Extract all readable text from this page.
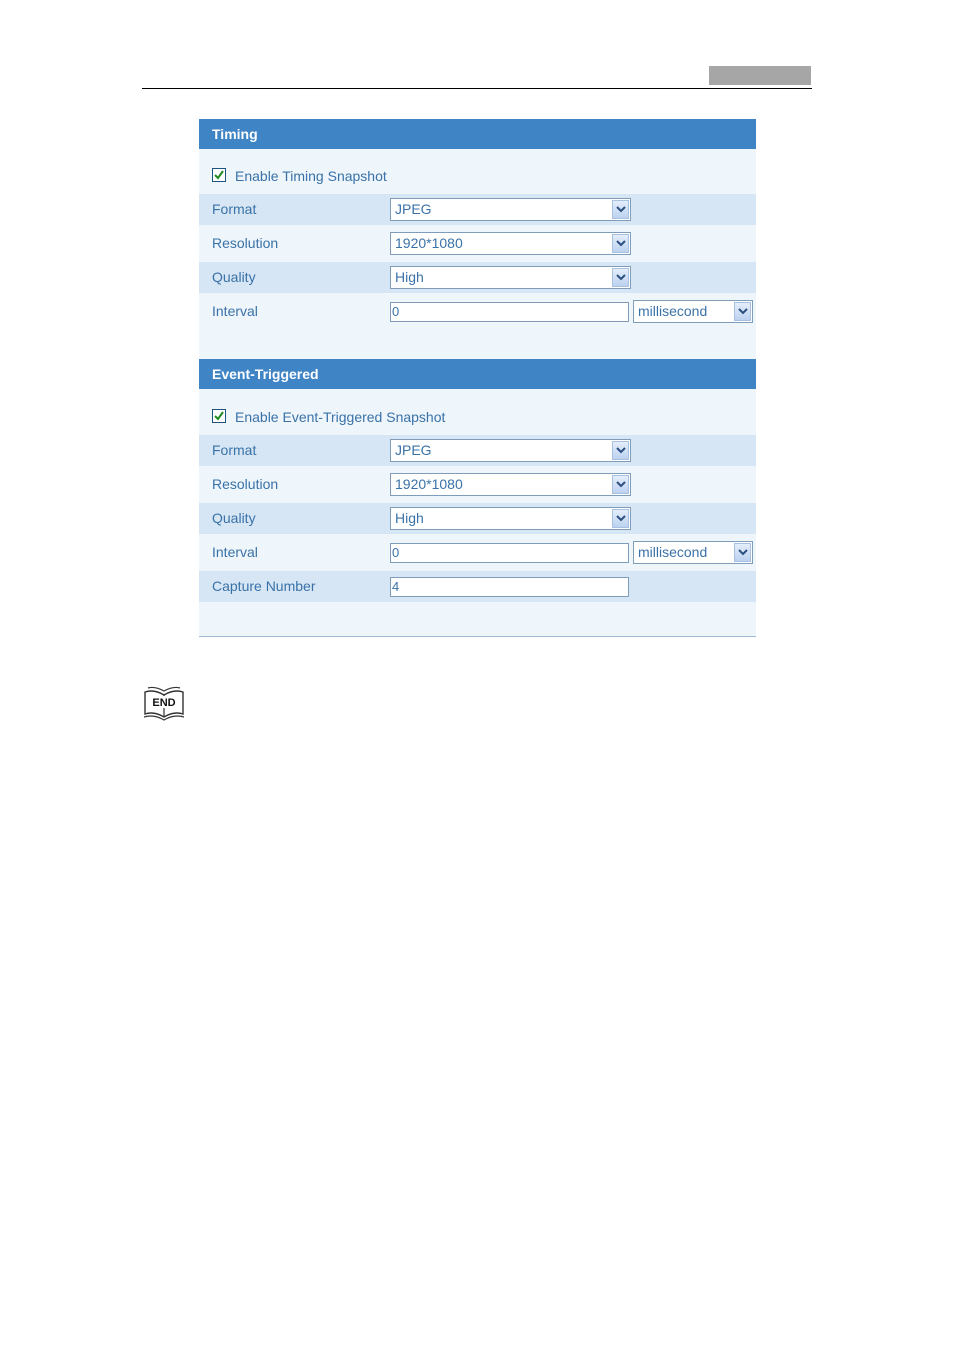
Timing
Enable Timing Snapshot
Format	JPEG
Resolution	1920*1080
Quality	High
Interval	0	millisecond
Event-Triggered
Enable Event-Triggered Snapshot
Format	JPEG
Resolution	1920*1080
Quality	High
Interval	0	millisecond
Capture Number	4
END
